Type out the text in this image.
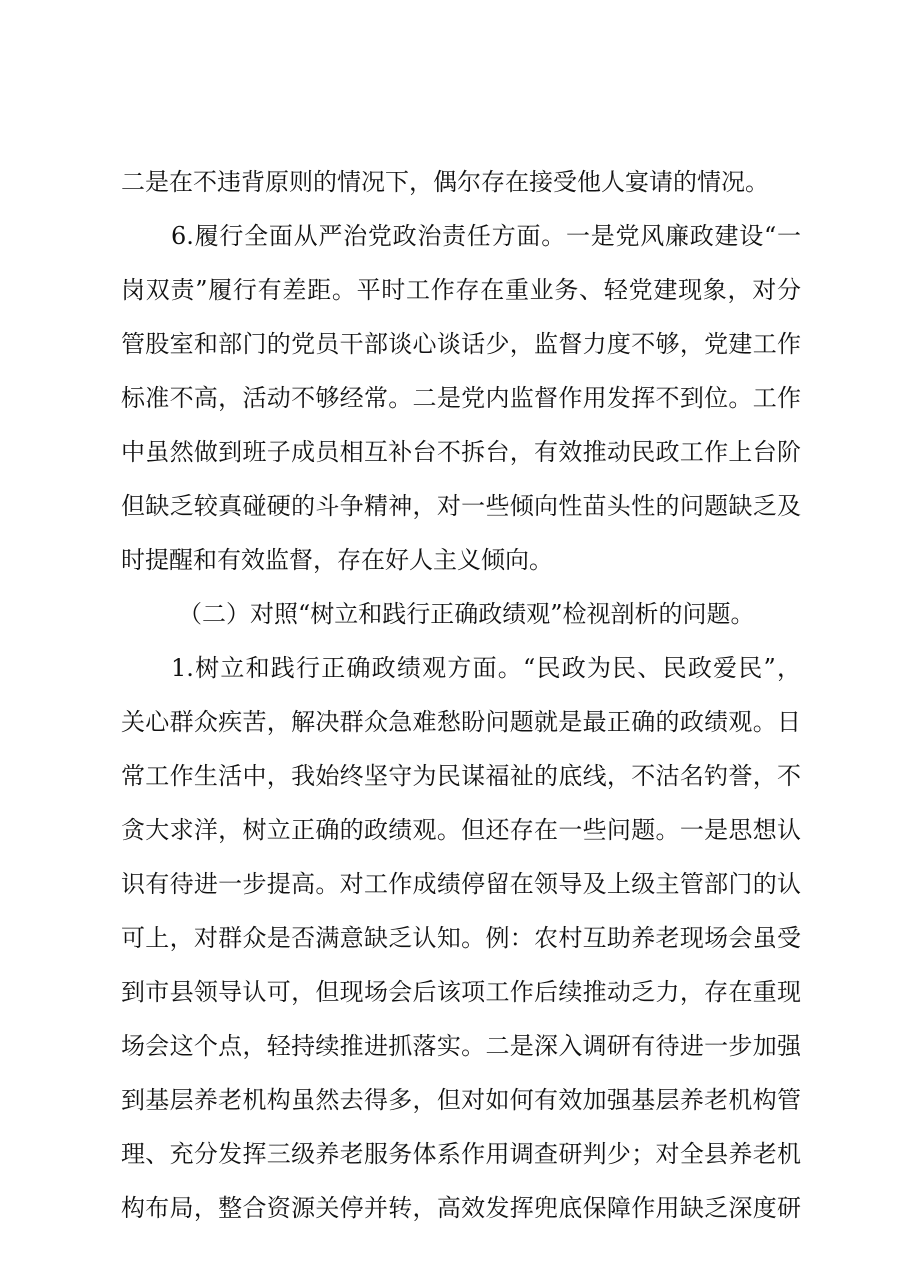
二是在不违背原则的情况下，偶尔存在接受他人宴请的情况。
6.履行全面从严治党政治责任方面。一是党风廉政建设“一
岗双责”履行有差距。平时工作存在重业务、轻党建现象，对分
管股室和部门的党员干部谈心谈话少，监督力度不够，党建工作
标准不高，活动不够经常。二是党内监督作用发挥不到位。工作
中虽然做到班子成员相互补台不拆台，有效推动民政工作上台阶
但缺乏较真碰硬的斗争精神，对一些倾向性苗头性的问题缺乏及
时提醒和有效监督，存在好人主义倾向。
（二）对照“树立和践行正确政绩观”检视剖析的问题。
1.树立和践行正确政绩观方面。“民政为民、民政爱民”，
关心群众疾苦，解决群众急难愁盼问题就是最正确的政绩观。日
常工作生活中，我始终坚守为民谋福祉的底线，不沽名钓誉，不
贪大求洋，树立正确的政绩观。但还存在一些问题。一是思想认
识有待进一步提高。对工作成绩停留在领导及上级主管部门的认
可上，对群众是否满意缺乏认知。例：农村互助养老现场会虽受
到市县领导认可，但现场会后该项工作后续推动乏力，存在重现
场会这个点，轻持续推进抓落实。二是深入调研有待进一步加强
到基层养老机构虽然去得多，但对如何有效加强基层养老机构管
理、充分发挥三级养老服务体系作用调查研判少；对全县养老机
构布局，整合资源关停并转，高效发挥兜底保障作用缺乏深度研
